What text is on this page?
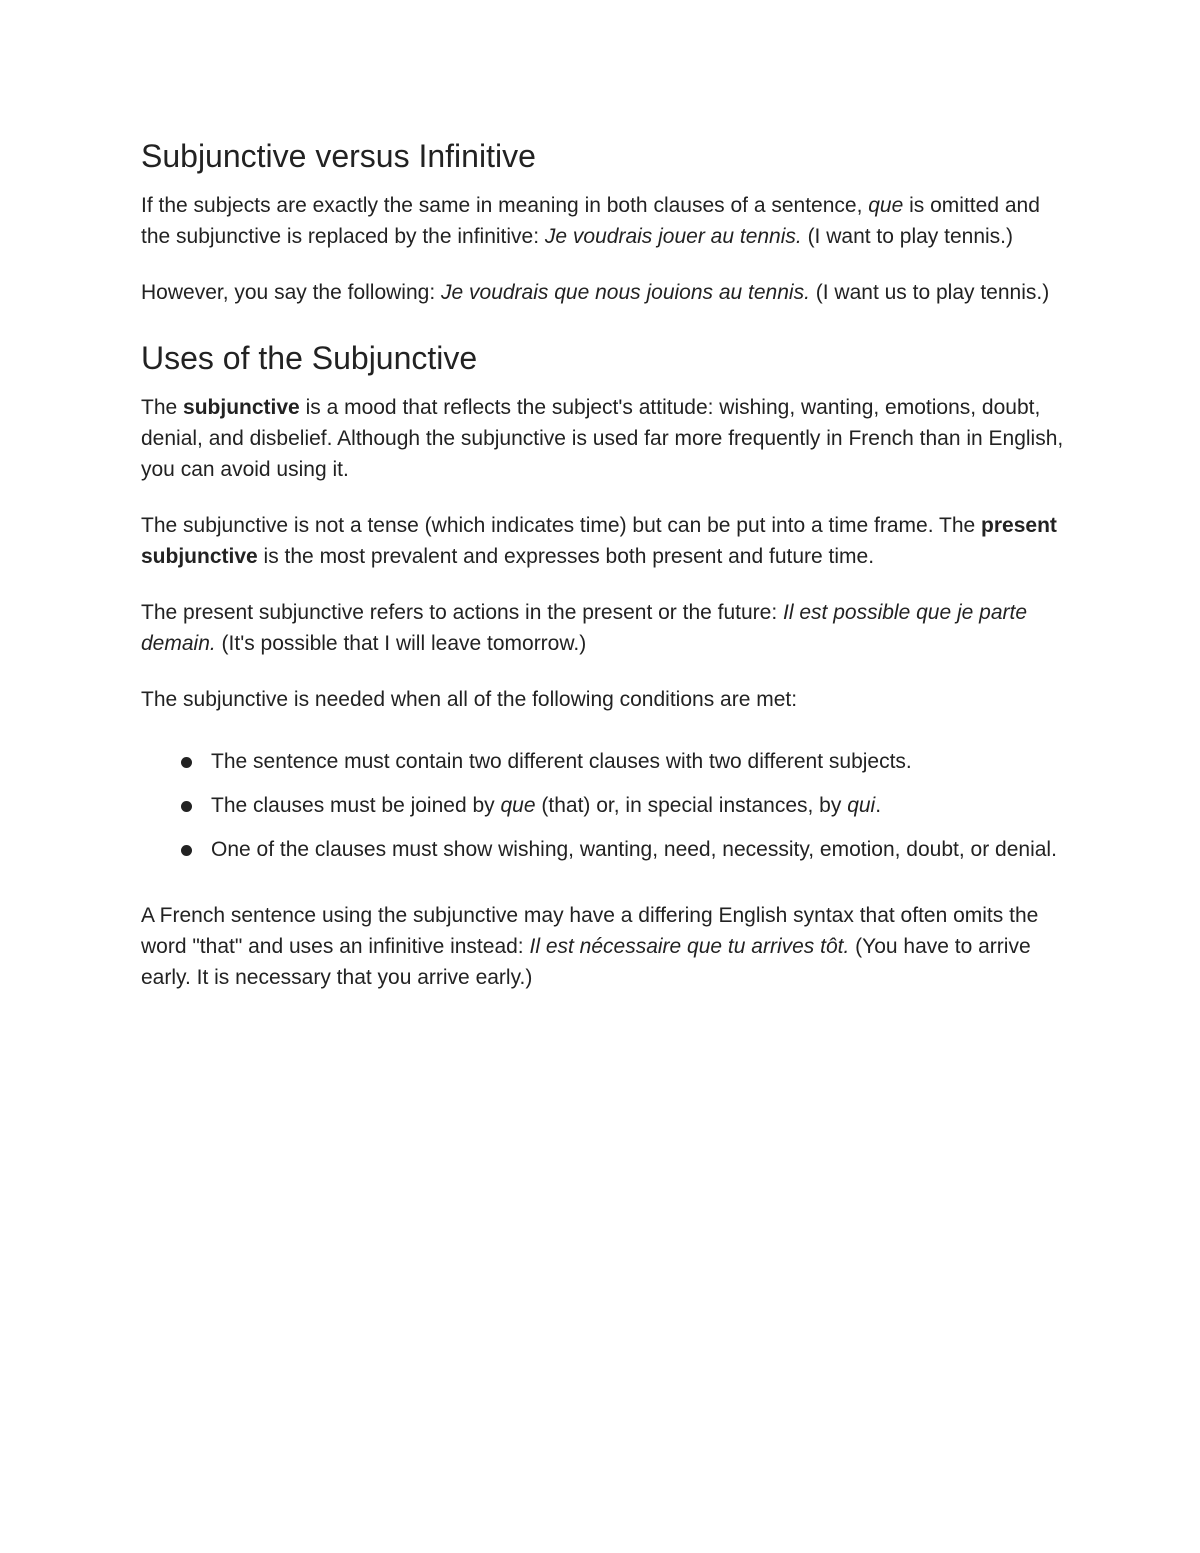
Subjunctive versus Infinitive

If the subjects are exactly the same in meaning in both clauses of a sentence, que is omitted and the subjunctive is replaced by the infinitive: Je voudrais jouer au tennis. (I want to play tennis.)

However, you say the following: Je voudrais que nous jouions au tennis. (I want us to play tennis.)

Uses of the Subjunctive

The subjunctive is a mood that reflects the subject's attitude: wishing, wanting, emotions, doubt, denial, and disbelief. Although the subjunctive is used far more frequently in French than in English, you can avoid using it.

The subjunctive is not a tense (which indicates time) but can be put into a time frame. The present subjunctive is the most prevalent and expresses both present and future time.

The present subjunctive refers to actions in the present or the future: Il est possible que je parte demain. (It's possible that I will leave tomorrow.)

The subjunctive is needed when all of the following conditions are met:

The sentence must contain two different clauses with two different subjects.
The clauses must be joined by que (that) or, in special instances, by qui.
One of the clauses must show wishing, wanting, need, necessity, emotion, doubt, or denial.

A French sentence using the subjunctive may have a differing English syntax that often omits the word "that" and uses an infinitive instead: Il est nécessaire que tu arrives tôt. (You have to arrive early. It is necessary that you arrive early.)
